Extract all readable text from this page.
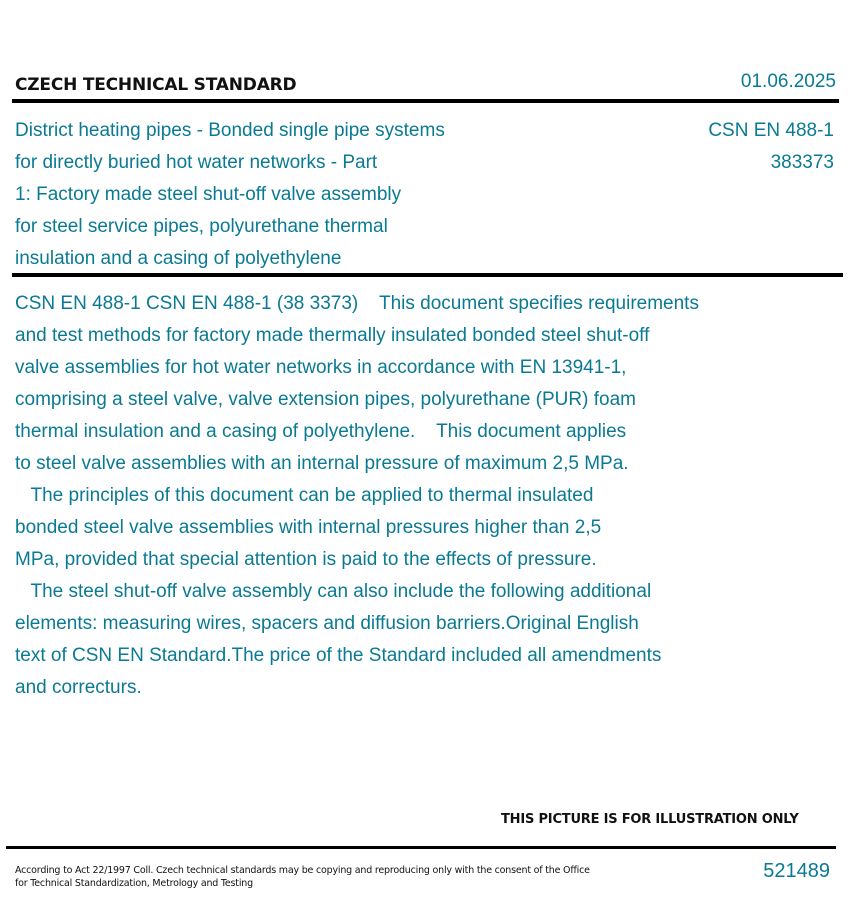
CZECH TECHNICAL STANDARD	01.06.2025
District heating pipes - Bonded single pipe systems
for directly buried hot water networks - Part
1: Factory made steel shut-off valve assembly
for steel service pipes, polyurethane thermal
insulation and a casing of polyethylene
CSN EN 488-1
383373
CSN EN 488-1 CSN EN 488-1 (38 3373)    This document specifies requirements
and test methods for factory made thermally insulated bonded steel shut-off
valve assemblies for hot water networks in accordance with EN 13941-1,
comprising a steel valve, valve extension pipes, polyurethane (PUR) foam
thermal insulation and a casing of polyethylene.    This document applies
to steel valve assemblies with an internal pressure of maximum 2,5 MPa.
The principles of this document can be applied to thermal insulated
bonded steel valve assemblies with internal pressures higher than 2,5
MPa, provided that special attention is paid to the effects of pressure.
The steel shut-off valve assembly can also include the following additional
elements: measuring wires, spacers and diffusion barriers.Original English
text of CSN EN Standard.The price of the Standard included all amendments
and correcturs.
THIS PICTURE IS FOR ILLUSTRATION ONLY
According to Act 22/1997 Coll. Czech technical standards may be copying and reproducing only with the consent of the Office
for Technical Standardization, Metrology and Testing
521489
